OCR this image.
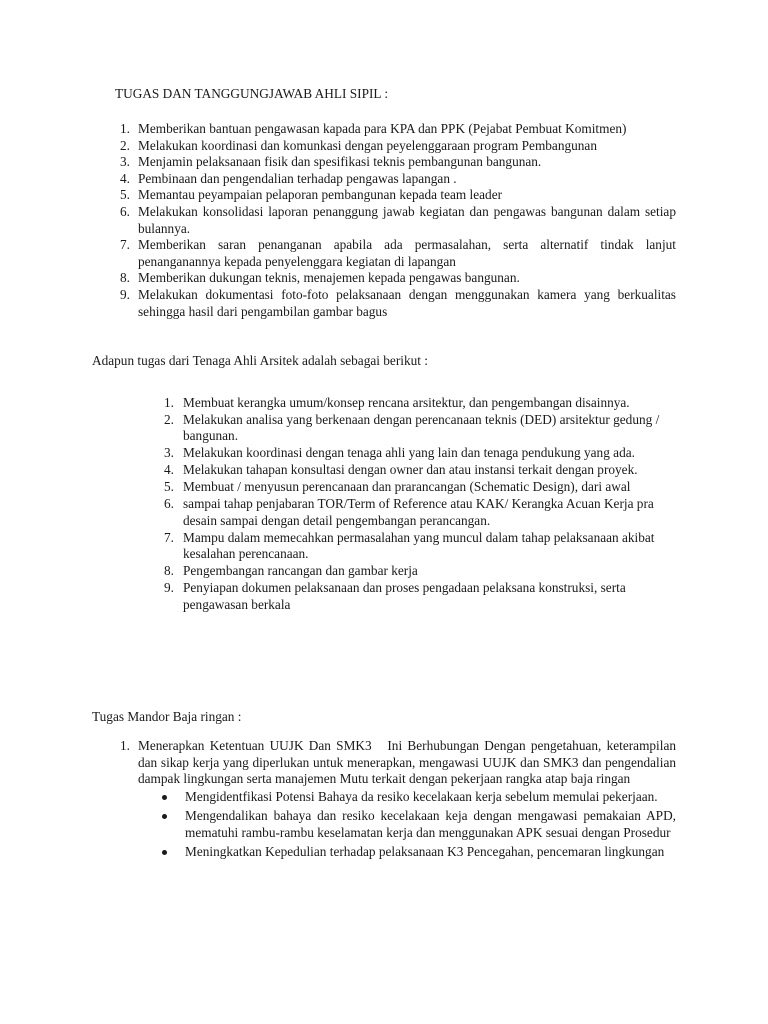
TUGAS DAN TANGGUNGJAWAB AHLI SIPIL :
1. Memberikan bantuan pengawasan kapada para KPA dan PPK (Pejabat Pembuat Komitmen)
2. Melakukan koordinasi dan komunkasi dengan peyelenggaraan program Pembangunan
3. Menjamin pelaksanaan fisik dan spesifikasi teknis pembangunan bangunan.
4. Pembinaan dan pengendalian terhadap pengawas lapangan .
5. Memantau peyampaian pelaporan pembangunan kepada team leader
6. Melakukan konsolidasi laporan penanggung jawab kegiatan dan pengawas bangunan dalam setiap bulannya.
7. Memberikan saran penanganan apabila ada permasalahan, serta alternatif tindak lanjut penanganannya kepada penyelenggara kegiatan di lapangan
8. Memberikan dukungan teknis, menajemen kepada pengawas bangunan.
9. Melakukan dokumentasi foto-foto pelaksanaan dengan menggunakan kamera yang berkualitas sehingga hasil dari pengambilan gambar bagus

Adapun tugas dari Tenaga Ahli Arsitek adalah sebagai berikut :

1. Membuat kerangka umum/konsep rencana arsitektur, dan pengembangan disainnya.
2. Melakukan analisa yang berkenaan dengan perencanaan teknis (DED) arsitektur gedung / bangunan.
3. Melakukan koordinasi dengan tenaga ahli yang lain dan tenaga pendukung yang ada.
4. Melakukan tahapan konsultasi dengan owner dan atau instansi terkait dengan proyek.
5. Membuat / menyusun perencanaan dan prarancangan (Schematic Design), dari awal
6. sampai tahap penjabaran TOR/Term of Reference atau KAK/ Kerangka Acuan Kerja pra desain sampai dengan detail pengembangan perancangan.
7. Mampu dalam memecahkan permasalahan yang muncul dalam tahap pelaksanaan akibat kesalahan perencanaan.
8. Pengembangan rancangan dan gambar kerja
9. Penyiapan dokumen pelaksanaan dan proses pengadaan pelaksana konstruksi, serta pengawasan berkala

Tugas Mandor Baja ringan :

1. Menerapkan Ketentuan UUJK Dan SMK3   Ini Berhubungan Dengan pengetahuan, keterampilan dan sikap kerja yang diperlukan untuk menerapkan, mengawasi UUJK dan SMK3 dan pengendalian dampak lingkungan serta manajemen Mutu terkait dengan pekerjaan rangka atap baja ringan
Mengidentfikasi Potensi Bahaya da resiko kecelakaan kerja sebelum memulai pekerjaan.
Mengendalikan bahaya dan resiko kecelakaan keja dengan mengawasi pemakaian APD, mematuhi rambu-rambu keselamatan kerja dan menggunakan APK sesuai dengan Prosedur
Meningkatkan Kepedulian terhadap pelaksanaan K3 Pencegahan, pencemaran lingkungan
